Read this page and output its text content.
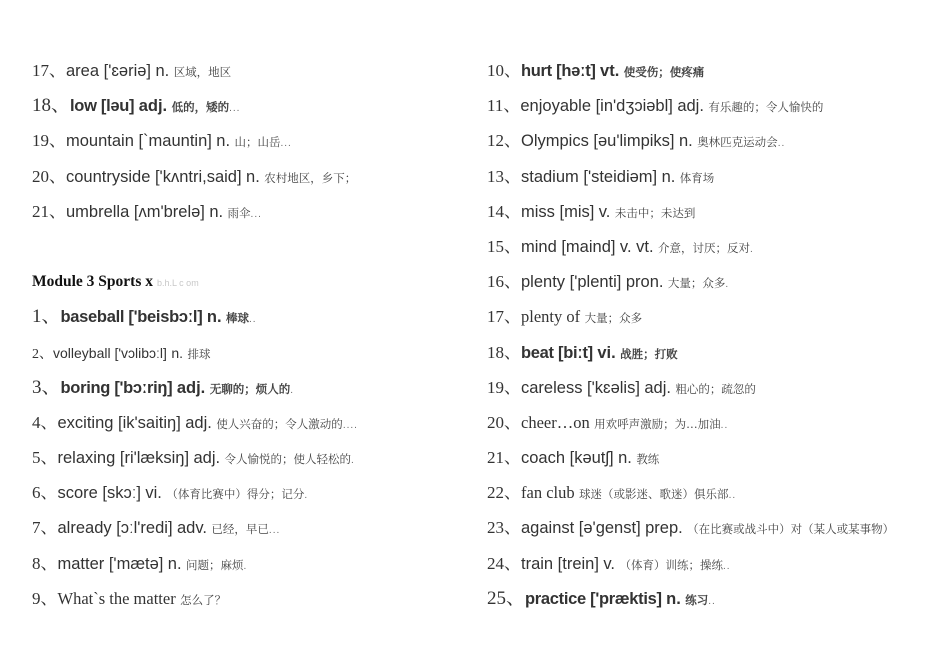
17、area ['ɛəriə] n. 区域，地区
18、low [ləu] adj. 低的，矮的...
19、mountain [`mauntin] n. 山；山岳...
20、countryside ['kʌntri,said] n. 农村地区，乡下；
21、umbrella [ʌm'brelə] n. 雨伞...
Module 3 Sports x b.h.L c om
1、baseball ['beisbɔːl] n. 棒球..
2、volleyball ['vɔlibɔːl] n. 排球
3、boring ['bɔːriŋ] adj. 无聊的；烦人的.
4、exciting [ik'saitiŋ] adj. 使人兴奋的；令人激动的....
5、relaxing [ri'læksiŋ] adj. 令人愉悦的；使人轻松的.
6、score [skɔː] vi. （体育比赛中）得分；记分.
7、already [ɔːl'redi] adv. 已经，早已...
8、matter ['mætə] n. 问题；麻烦.
9、What`s the matter 怎么了？
10、hurt [həːt] vt. 使受伤；使疼痛
11、enjoyable [in'dʒɔiəbl] adj. 有乐趣的；令人愉快的
12、Olympics [əu'limpiks] n. 奥林匹克运动会..
13、stadium ['steidiəm] n. 体育场
14、miss [mis] v. 未击中；未达到
15、mind [maind] v. vt. 介意，讨厌；反对.
16、plenty ['plenti] pron. 大量；众多.
17、plenty of 大量；众多
18、beat [biːt] vi. 战胜；打败
19、careless ['kɛəlis] adj. 粗心的；疏忽的
20、cheer…on 用欢呼声激励；为…加油..
21、coach [kəutʃ] n. 教练
22、fan club 球迷（或影迷、歌迷）俱乐部..
23、against [ə'genst] prep. （在比赛或战斗中）对（某人或某事物）
24、train [trein] v. （体育）训练；操练..
25、practice ['præktis] n. 练习..
